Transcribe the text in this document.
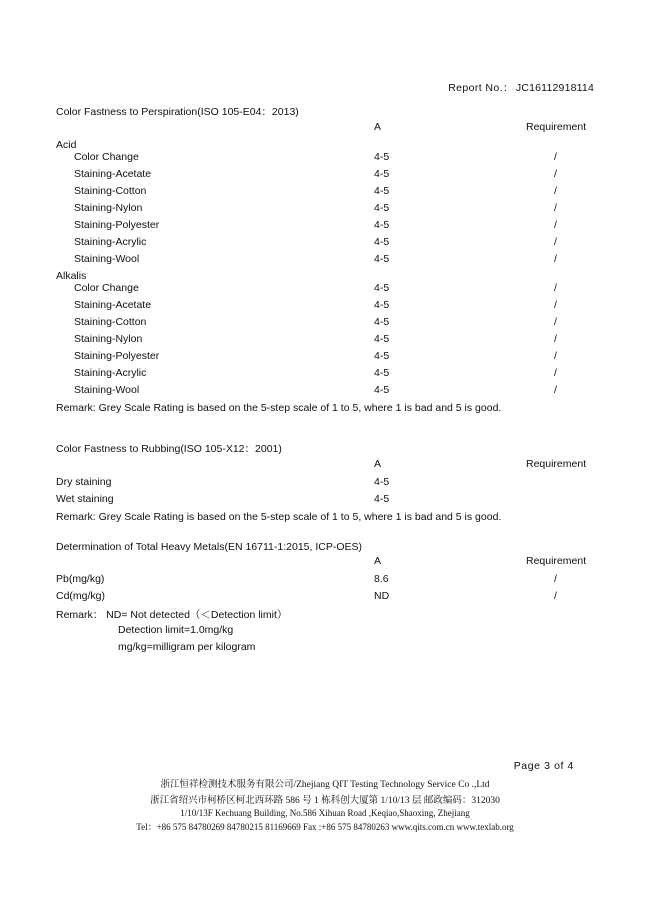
Report No.： JC16112918114
Color Fastness to Perspiration(ISO 105-E04：2013)
A	Requirement
Acid
Color Change	4-5	/
Staining-Acetate	4-5	/
Staining-Cotton	4-5	/
Staining-Nylon	4-5	/
Staining-Polyester	4-5	/
Staining-Acrylic	4-5	/
Staining-Wool	4-5	/
Alkalis
Color Change	4-5	/
Staining-Acetate	4-5	/
Staining-Cotton	4-5	/
Staining-Nylon	4-5	/
Staining-Polyester	4-5	/
Staining-Acrylic	4-5	/
Staining-Wool	4-5	/
Remark: Grey Scale Rating is based on the 5-step scale of 1 to 5, where 1 is bad and 5 is good.
Color Fastness to Rubbing(ISO 105-X12：2001)
A	Requirement
Dry staining	4-5
Wet staining	4-5
Remark: Grey Scale Rating is based on the 5-step scale of 1 to 5, where 1 is bad and 5 is good.
Determination of Total Heavy Metals(EN 16711-1:2015, ICP-OES)
A	Requirement
Pb(mg/kg)	8.6	/
Cd(mg/kg)	ND	/
Remark： ND= Not detected（＜Detection limit）
Detection limit=1.0mg/kg
mg/kg=milligram per kilogram
Page 3 of 4
浙江恒祥检测技术服务有限公司/Zhejiang QIT Testing Technology Service Co .,Ltd
浙江省绍兴市柯桥区柯北西环路 586 号 1 栋科创大厦第 1/10/13 层 邮政编码：312030
1/10/13F Kechuang Building, No.586 Xihuan Road ,Keqiao,Shaoxing, Zhejiang
Tel：+86 575 84780269 84780215 81169669 Fax :+86 575 84780263 www.qits.com.cn www.texlab.org
